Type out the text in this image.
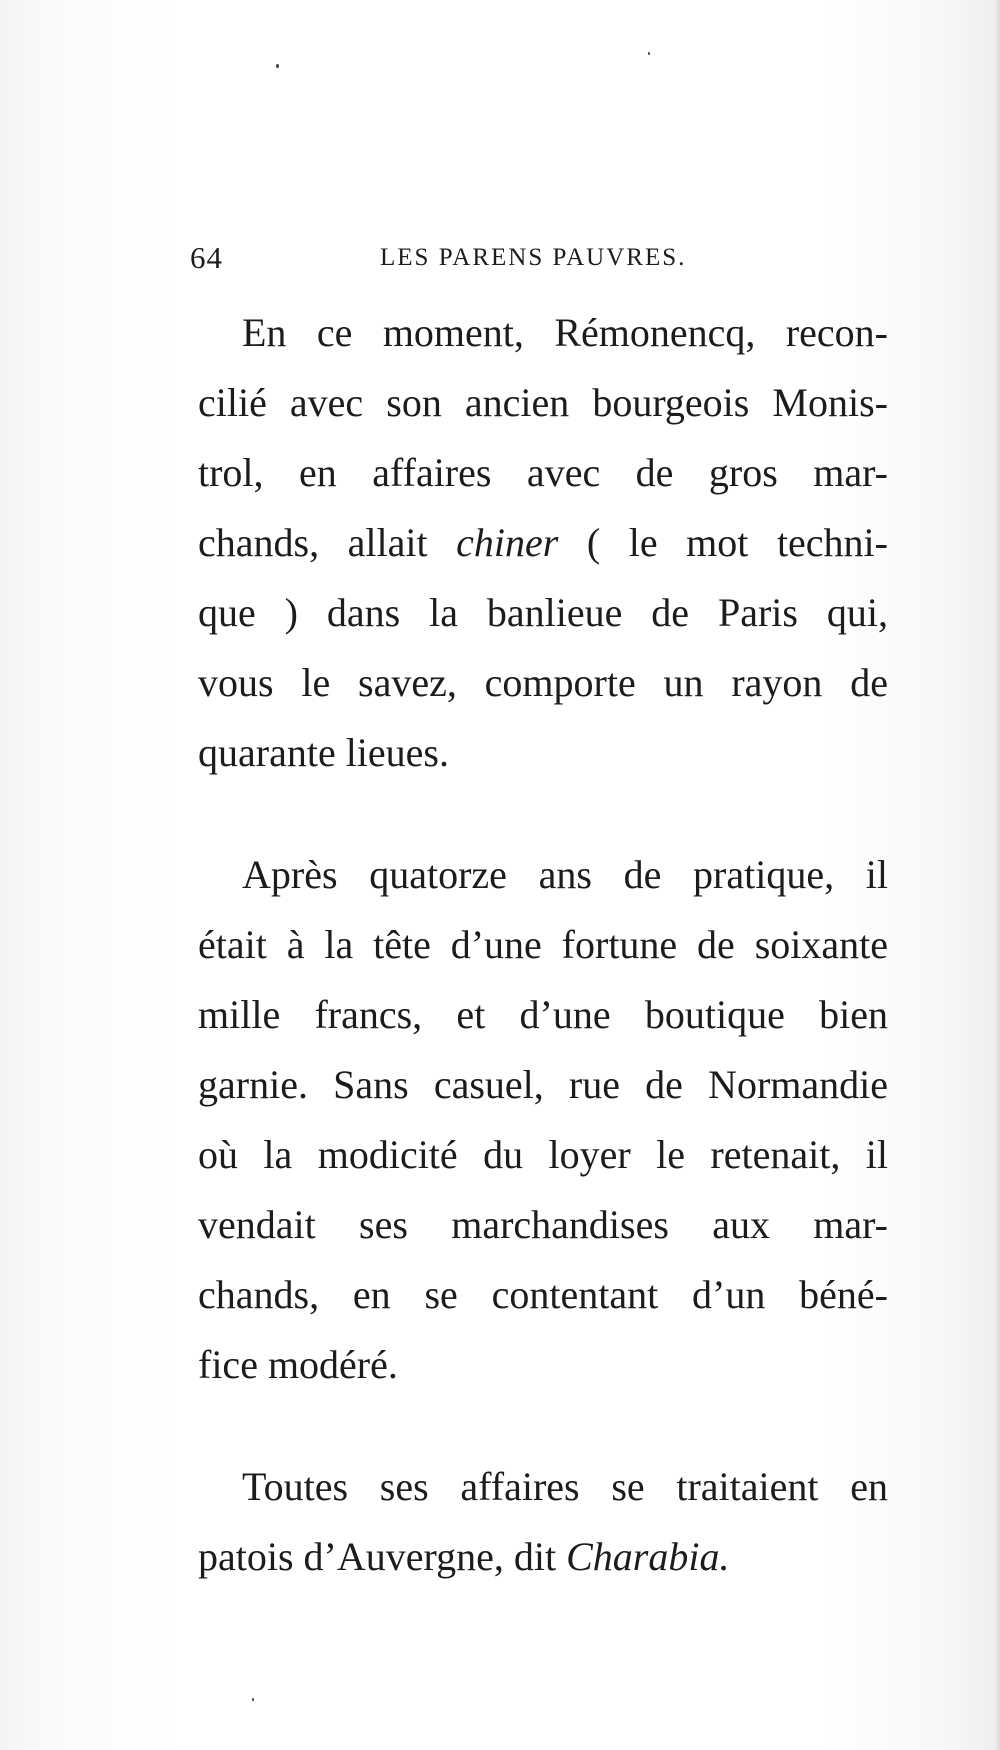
64	LES PARENS PAUVRES.

En ce moment, Rémonencq, recon-
cilié avec son ancien bourgeois Monis-
trol, en affaires avec de gros mar-
chands, allait chiner ( le mot techni-
que ) dans la banlieue de Paris qui,
vous le savez, comporte un rayon de
quarante lieues.

Après quatorze ans de pratique, il
était à la tête d’une fortune de soixante
mille francs, et d’une boutique bien
garnie. Sans casuel, rue de Normandie
où la modicité du loyer le retenait, il
vendait ses marchandises aux mar-
chands, en se contentant d’un béné-
fice modéré.

Toutes ses affaires se traitaient en
patois d’Auvergne, dit Charabia.
